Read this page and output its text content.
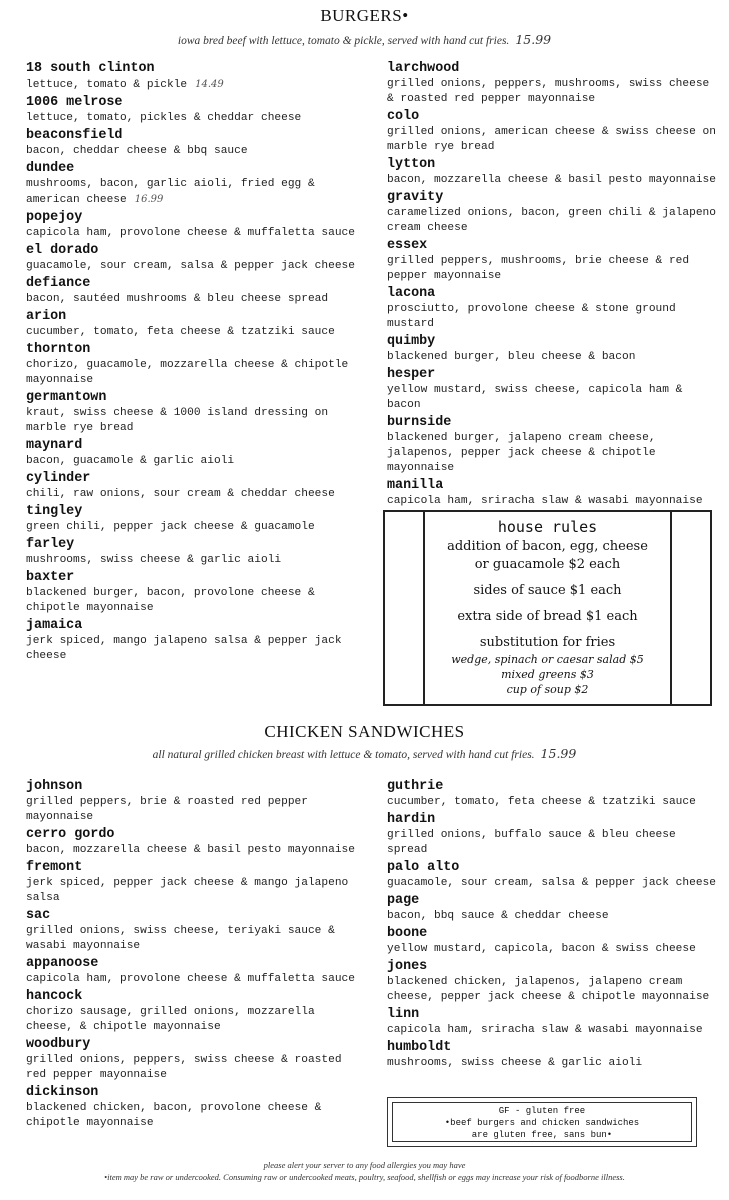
BURGERS•
iowa bred beef with lettuce, tomato & pickle, served with hand cut fries. 15.99
18 south clinton
lettuce, tomato & pickle 14.49
1006 melrose
lettuce, tomato, pickles & cheddar cheese
beaconsfield
bacon, cheddar cheese & bbq sauce
dundee
mushrooms, bacon, garlic aioli, fried egg & american cheese 16.99
popejoy
capicola ham, provolone cheese & muffaletta sauce
el dorado
guacamole, sour cream, salsa & pepper jack cheese
defiance
bacon, sautéed mushrooms & bleu cheese spread
arion
cucumber, tomato, feta cheese & tzatziki sauce
thornton
chorizo, guacamole, mozzarella cheese & chipotle mayonnaise
germantown
kraut, swiss cheese & 1000 island dressing on marble rye bread
maynard
bacon, guacamole & garlic aioli
cylinder
chili, raw onions, sour cream & cheddar cheese
tingley
green chili, pepper jack cheese & guacamole
farley
mushrooms, swiss cheese & garlic aioli
baxter
blackened burger, bacon, provolone cheese & chipotle mayonnaise
jamaica
jerk spiced, mango jalapeno salsa & pepper jack cheese
larchwood
grilled onions, peppers, mushrooms, swiss cheese & roasted red pepper mayonnaise
colo
grilled onions, american cheese & swiss cheese on marble rye bread
lytton
bacon, mozzarella cheese & basil pesto mayonnaise
gravity
caramelized onions, bacon, green chili & jalapeno cream cheese
essex
grilled peppers, mushrooms, brie cheese & red pepper mayonnaise
lacona
prosciutto, provolone cheese & stone ground mustard
quimby
blackened burger, bleu cheese & bacon
hesper
yellow mustard, swiss cheese, capicola ham & bacon
burnside
blackened burger, jalapeno cream cheese, jalapenos, pepper jack cheese & chipotle mayonnaise
manilla
capicola ham, sriracha slaw & wasabi mayonnaise
house rules
addition of bacon, egg, cheese
or guacamole $2 each
sides of sauce $1 each
extra side of bread $1 each
substitution for fries
wedge, spinach or caesar salad $5
mixed greens $3
cup of soup $2
CHICKEN SANDWICHES
all natural grilled chicken breast with lettuce & tomato, served with hand cut fries. 15.99
johnson
grilled peppers, brie & roasted red pepper mayonnaise
cerro gordo
bacon, mozzarella cheese & basil pesto mayonnaise
fremont
jerk spiced, pepper jack cheese & mango jalapeno salsa
sac
grilled onions, swiss cheese, teriyaki sauce & wasabi mayonnaise
appanoose
capicola ham, provolone cheese & muffaletta sauce
hancock
chorizo sausage, grilled onions, mozzarella cheese, & chipotle mayonnaise
woodbury
grilled onions, peppers, swiss cheese & roasted red pepper mayonnaise
dickinson
blackened chicken, bacon, provolone cheese & chipotle mayonnaise
guthrie
cucumber, tomato, feta cheese & tzatziki sauce
hardin
grilled onions, buffalo sauce & bleu cheese spread
palo alto
guacamole, sour cream, salsa & pepper jack cheese
page
bacon, bbq sauce & cheddar cheese
boone
yellow mustard, capicola, bacon & swiss cheese
jones
blackened chicken, jalapenos, jalapeno cream cheese, pepper jack cheese & chipotle mayonnaise
linn
capicola ham, sriracha slaw & wasabi mayonnaise
humboldt
mushrooms, swiss cheese & garlic aioli
GF - gluten free
•beef burgers and chicken sandwiches
are gluten free, sans bun•
please alert your server to any food allergies you may have
•item may be raw or undercooked. Consuming raw or undercooked meats, poultry, seafood, shellfish or eggs may increase your risk of foodborne illness.
